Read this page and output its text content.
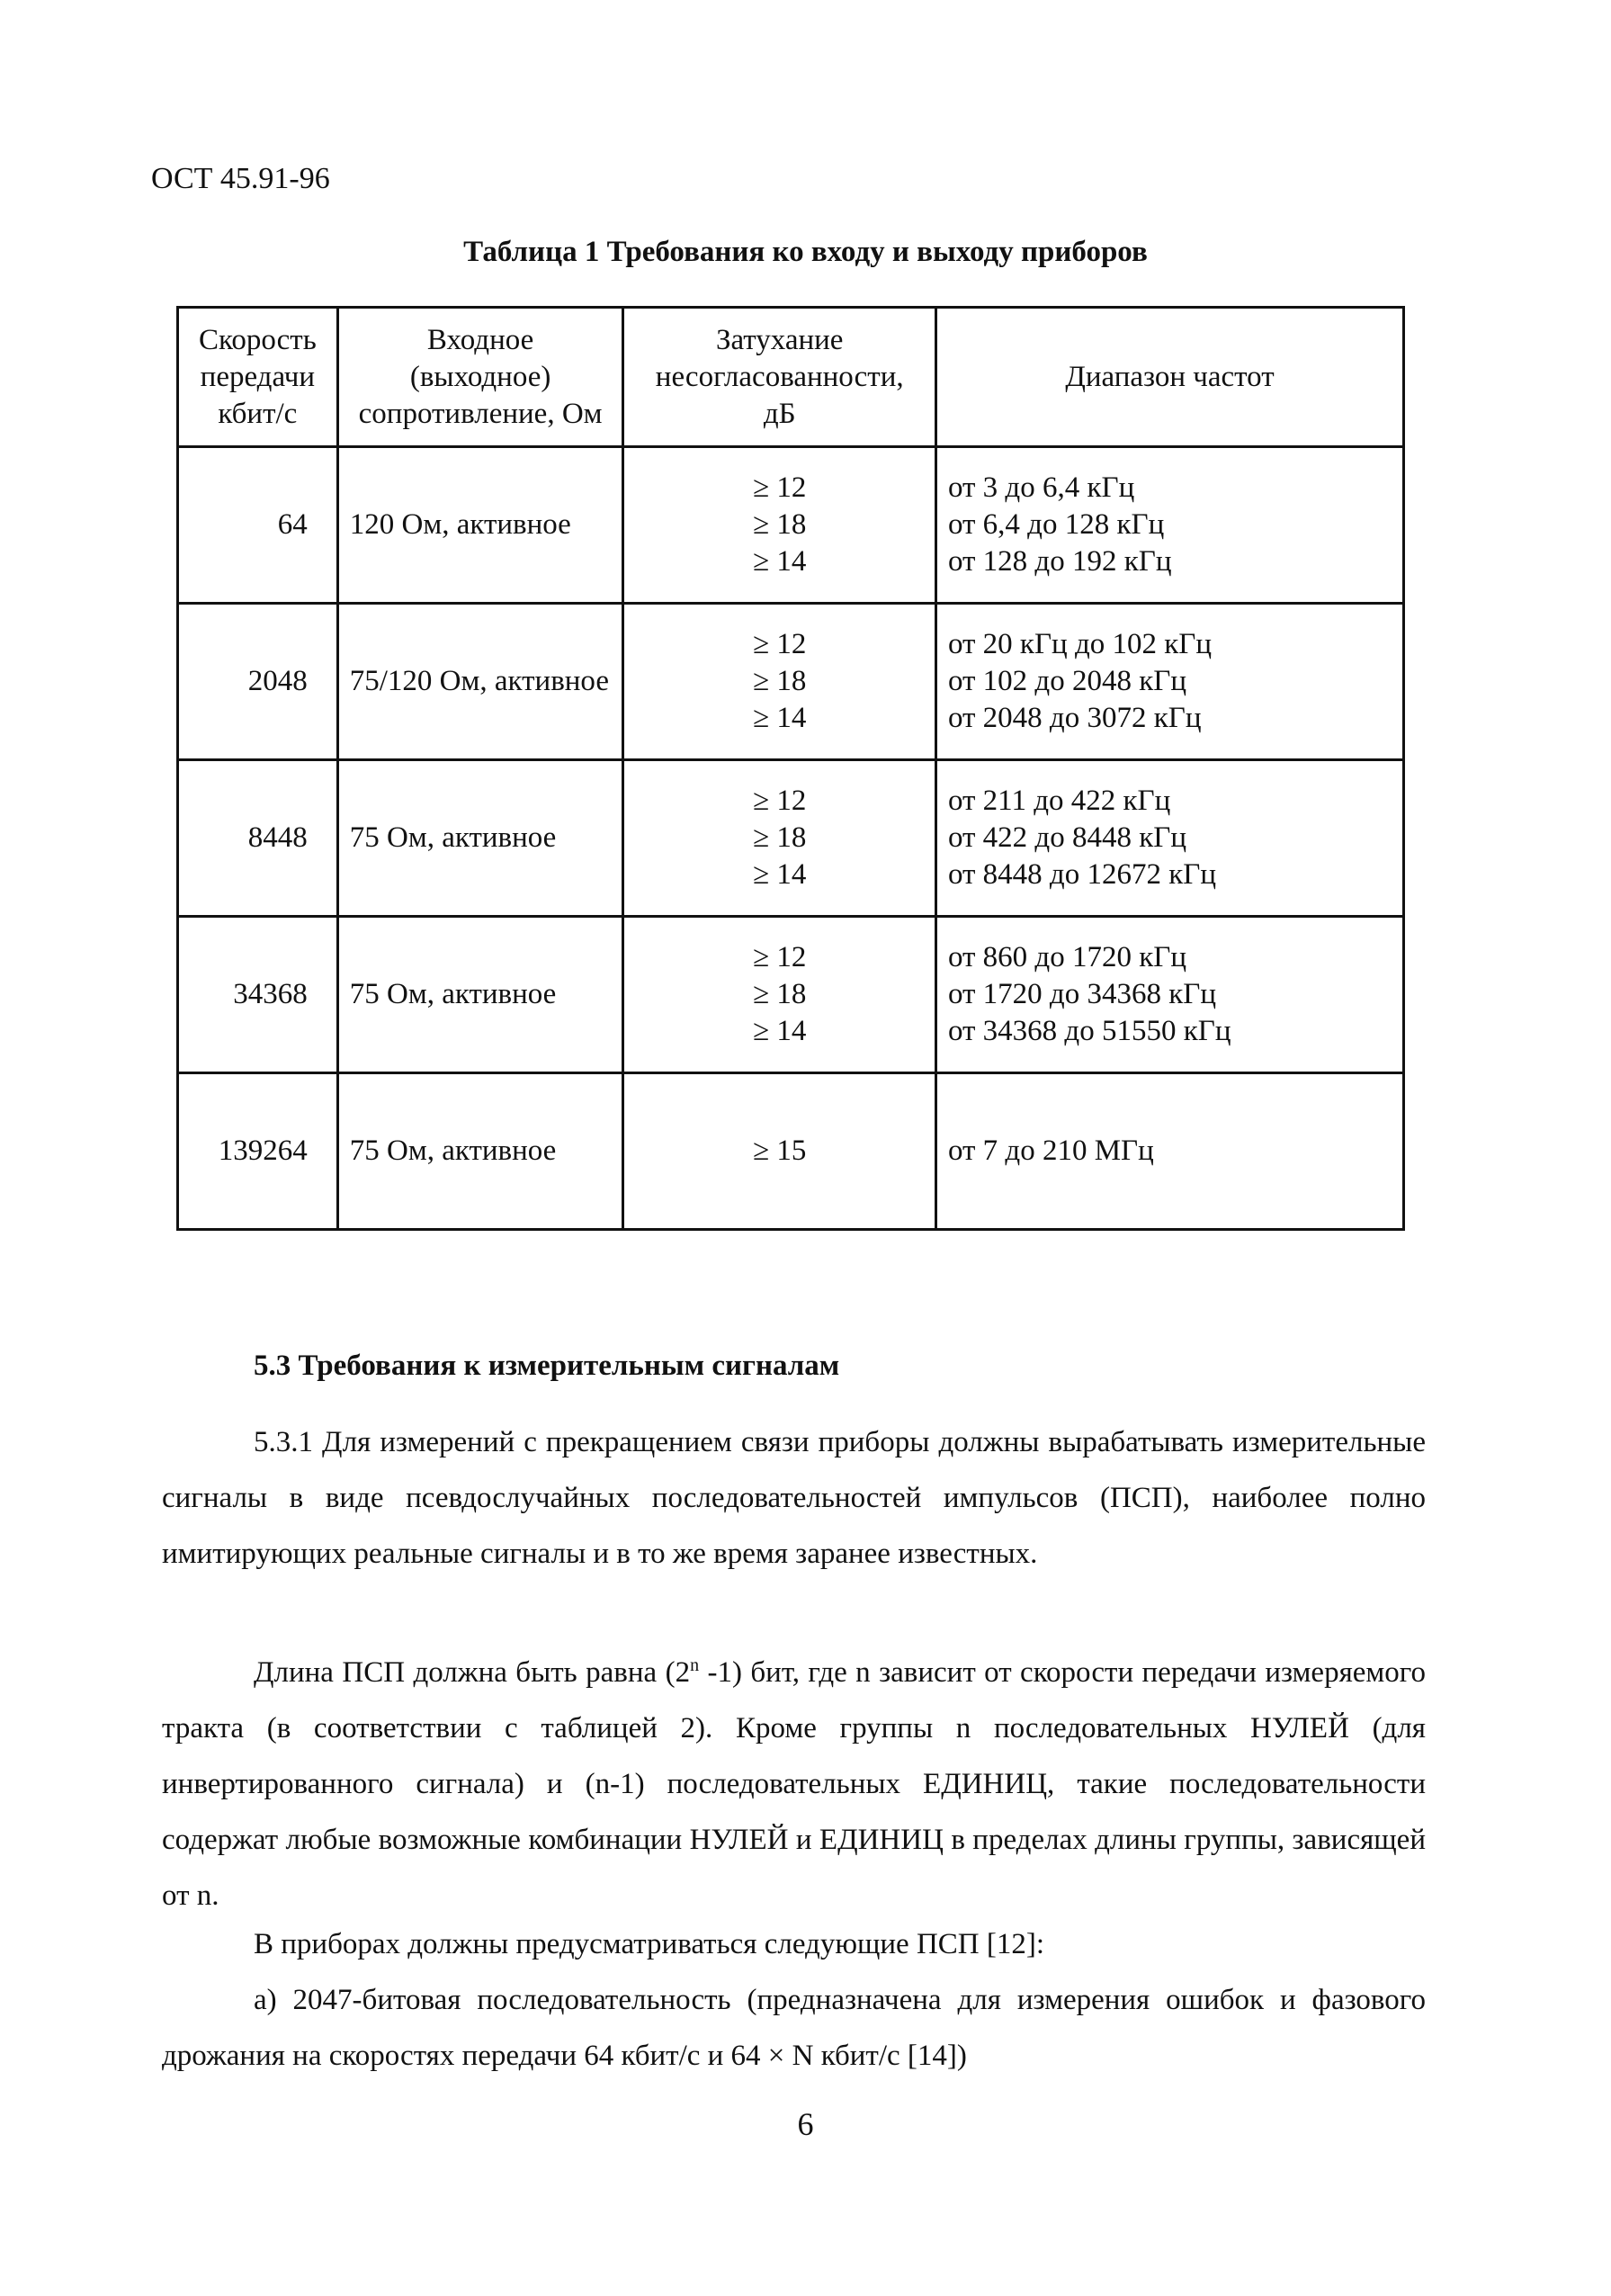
ОСТ 45.91-96
Таблица 1 Требования ко входу и выходу приборов
Скорость
передачи
кбит/с	Входное
(выходное)
сопротивление, Ом	Затухание
несогласованности,
дБ	Диапазон частот

64	120 Ом, активное	≥ 12
≥ 18
≥ 14	от 3 до 6,4 кГц
от 6,4 до 128 кГц
от 128 до 192 кГц

2048	75/120 Ом, активное	≥ 12
≥ 18
≥ 14	от 20 кГц до 102 кГц
от 102 до 2048 кГц
от 2048 до 3072 кГц

8448	75 Ом, активное	≥ 12
≥ 18
≥ 14	от 211 до 422 кГц
от 422 до 8448 кГц
от 8448 до 12672 кГц

34368	75 Ом, активное	≥ 12
≥ 18
≥ 14	от 860 до 1720 кГц
от 1720 до 34368 кГц
от 34368 до 51550 кГц

139264	75 Ом, активное	≥ 15	от 7 до 210 МГц
5.3 Требования к измерительным сигналам
5.3.1 Для измерений с прекращением связи приборы должны вырабатывать измерительные сигналы в виде псевдослучайных последовательностей импульсов (ПСП), наиболее полно имитирующих реальные сигналы и в то же время заранее известных.
Длина ПСП должна быть равна (2$^n$ -1) бит, где n зависит от скорости передачи измеряемого тракта (в соответствии с таблицей 2). Кроме группы n последовательных НУЛЕЙ (для инвертированного сигнала) и (n-1) последовательных ЕДИНИЦ, такие последовательности содержат любые возможные комбинации НУЛЕЙ и ЕДИНИЦ в пределах длины группы, зависящей от n.
В приборах должны предусматриваться следующие ПСП [12]:
а) 2047-битовая последовательность (предназначена для измерения ошибок и фазового дрожания на скоростях передачи 64 кбит/с и 64 × N кбит/с [14])
6
